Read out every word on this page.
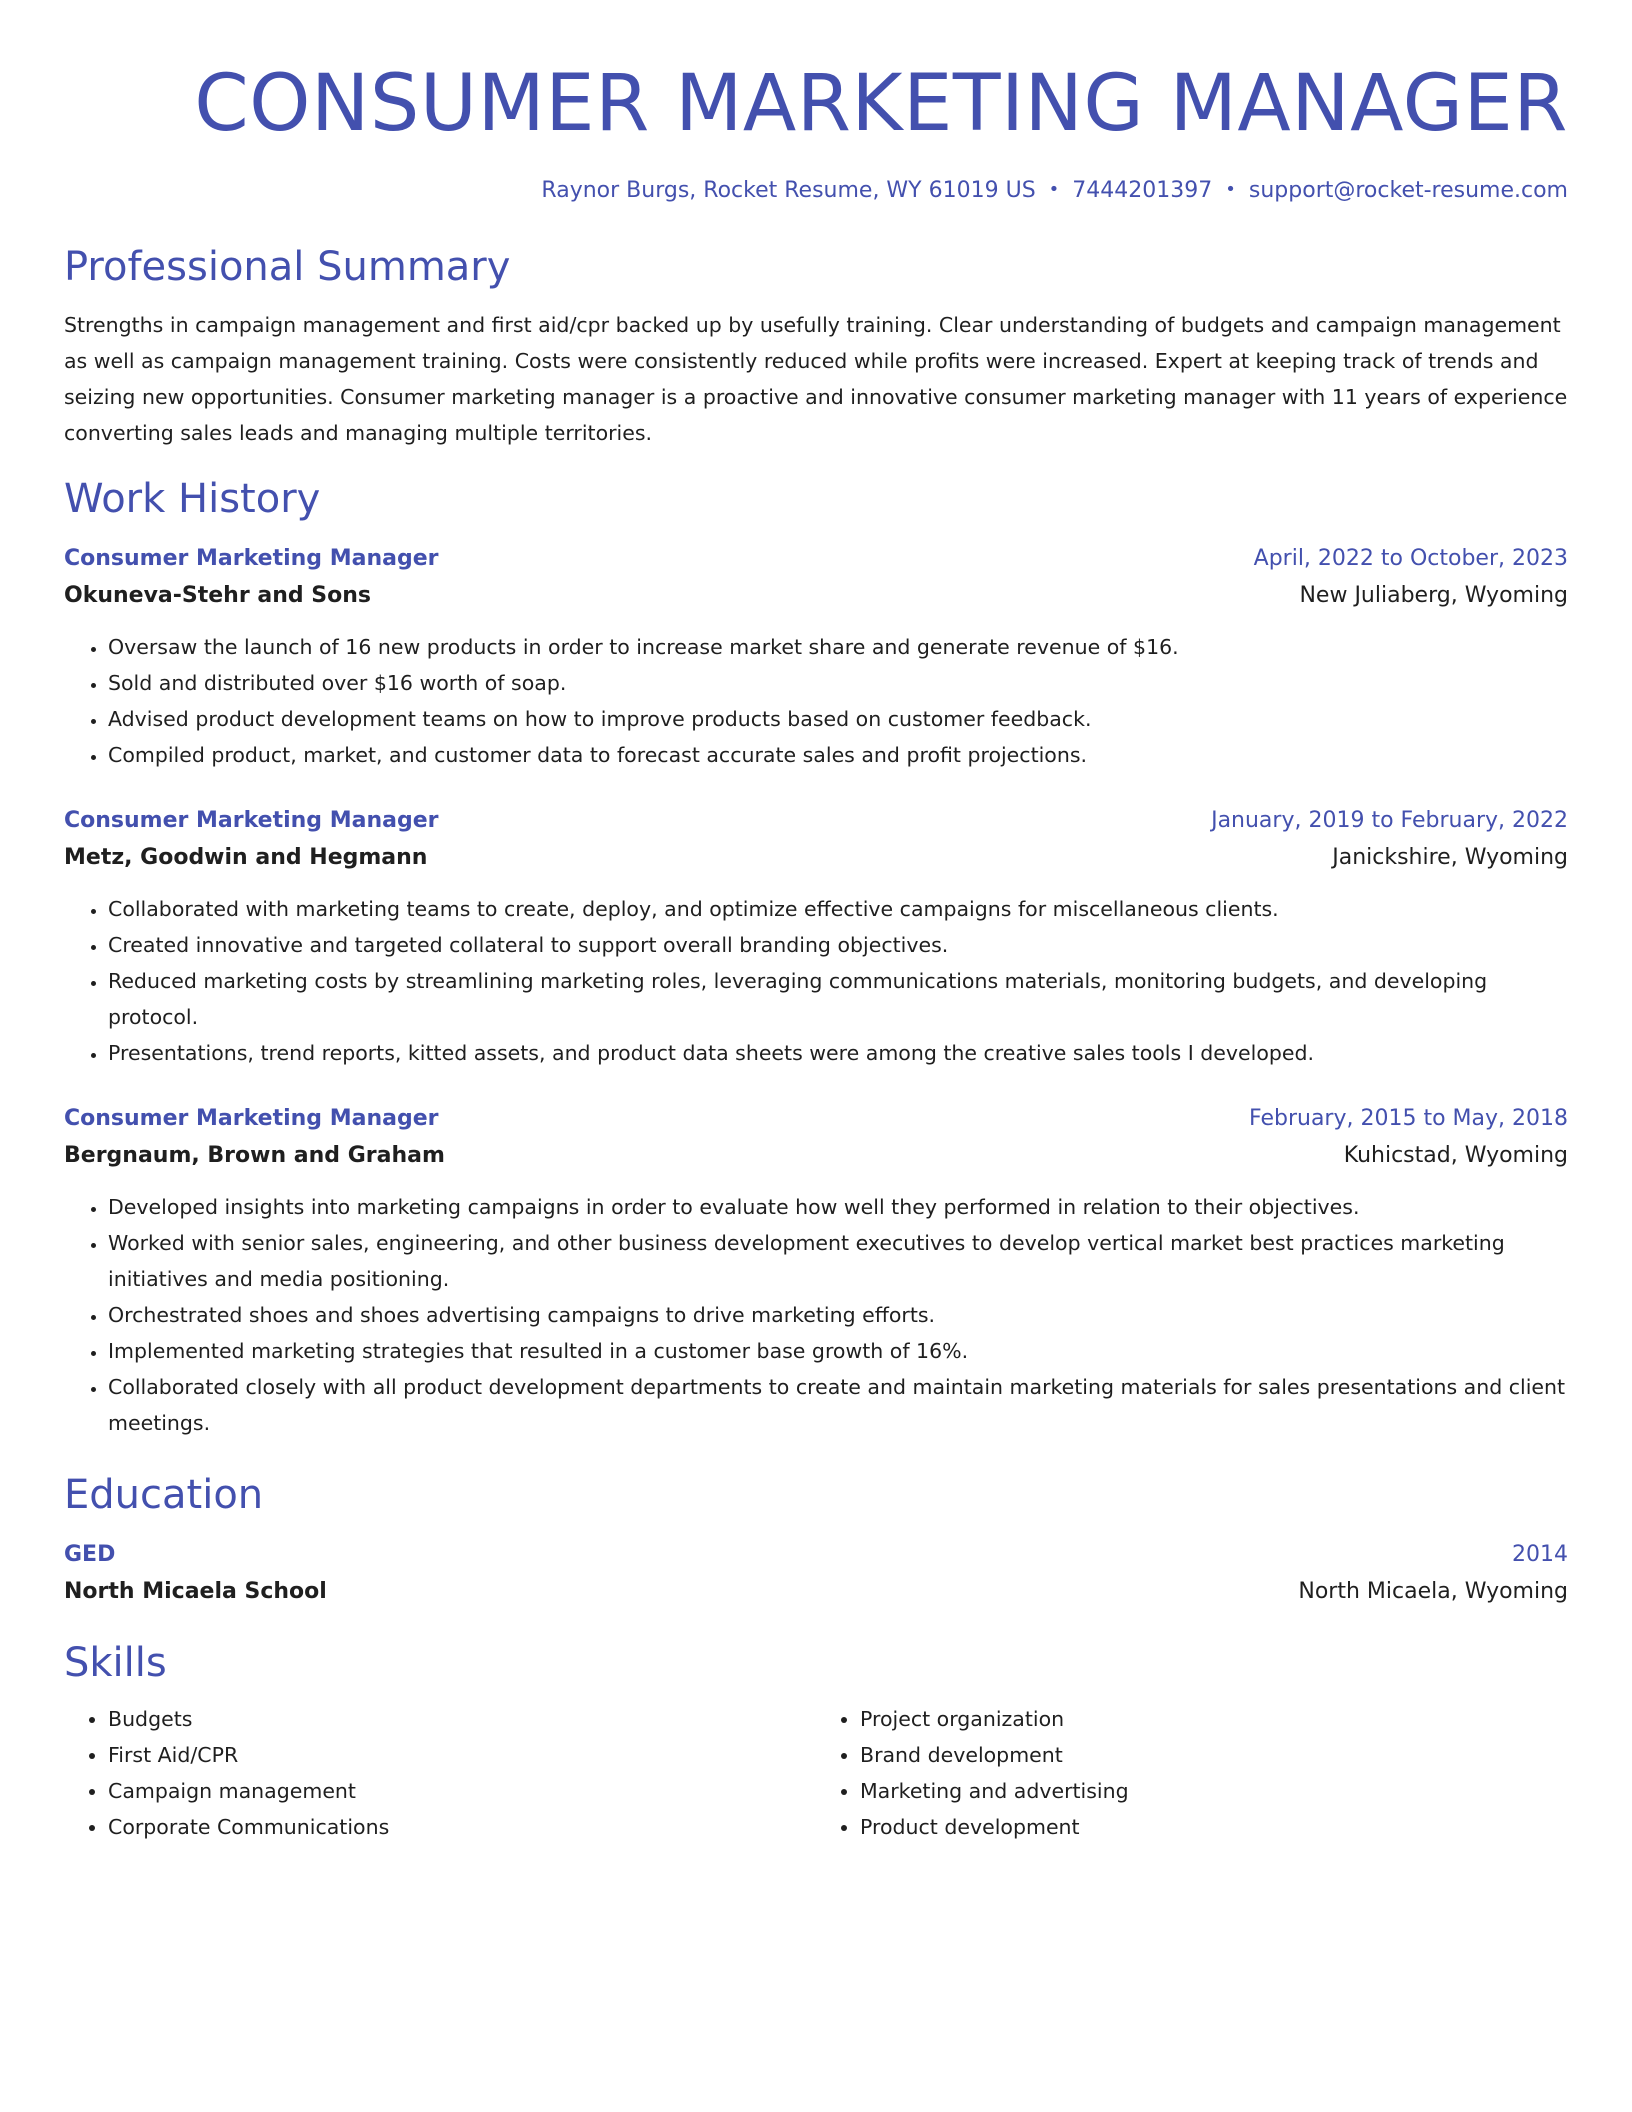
CONSUMER MARKETING MANAGER
Raynor Burgs, Rocket Resume, WY 61019 US • 7444201397 • support@rocket-resume.com
Professional Summary

Strengths in campaign management and first aid/cpr backed up by usefully training. Clear understanding of budgets and campaign management as well as campaign management training. Costs were consistently reduced while profits were increased. Expert at keeping track of trends and seizing new opportunities. Consumer marketing manager is a proactive and innovative consumer marketing manager with 11 years of experience converting sales leads and managing multiple territories.

Work History
Consumer Marketing Manager	April, 2022 to October, 2023
Okuneva-Stehr and Sons	New Juliaberg, Wyoming
• Oversaw the launch of 16 new products in order to increase market share and generate revenue of $16.
• Sold and distributed over $16 worth of soap.
• Advised product development teams on how to improve products based on customer feedback.
• Compiled product, market, and customer data to forecast accurate sales and profit projections.
Consumer Marketing Manager	January, 2019 to February, 2022
Metz, Goodwin and Hegmann	Janickshire, Wyoming
• Collaborated with marketing teams to create, deploy, and optimize effective campaigns for miscellaneous clients.
• Created innovative and targeted collateral to support overall branding objectives.
• Reduced marketing costs by streamlining marketing roles, leveraging communications materials, monitoring budgets, and developing protocol.
• Presentations, trend reports, kitted assets, and product data sheets were among the creative sales tools I developed.
Consumer Marketing Manager	February, 2015 to May, 2018
Bergnaum, Brown and Graham	Kuhicstad, Wyoming
• Developed insights into marketing campaigns in order to evaluate how well they performed in relation to their objectives.
• Worked with senior sales, engineering, and other business development executives to develop vertical market best practices marketing initiatives and media positioning.
• Orchestrated shoes and shoes advertising campaigns to drive marketing efforts.
• Implemented marketing strategies that resulted in a customer base growth of 16%.
• Collaborated closely with all product development departments to create and maintain marketing materials for sales presentations and client meetings.
Education
GED	2014
North Micaela School	North Micaela, Wyoming
Skills
• Budgets
• First Aid/CPR
• Campaign management
• Corporate Communications
• Project organization
• Brand development
• Marketing and advertising
• Product development
